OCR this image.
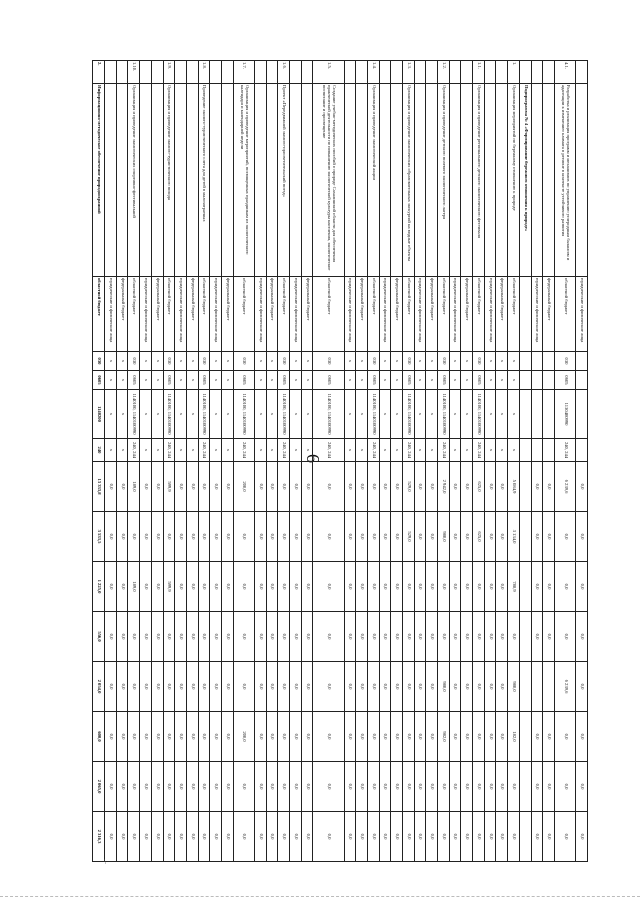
6
		юридические и физические лица					0,0	0,0	0,0	0,0	0,0	0,0	0,0	0,0
4.1.	Разработка и реализация программ и механизмов по управлению углеродным балансом и адаптации к изменению климата в регионе в контексте устойчивого развития	областной бюджет	030	0605	1130400990	240, 244	6 239,6	0,0	0,0	0,0	6 239,6	0,0	0,0	0,0
		федеральный бюджет					0,0	0,0	0,0	0,0		0,0	0,0	0,0
		юридические и физические лица					0,0	0,0	0,0	0,0		0,0	0,0	0,0
	Подпрограмма № 4 «Формирование бережного отношения к природе»													
1.	Организация мероприятий по бережному отношению к природе	областной бюджет	х	х	х	х	5 084,9	3 134,0	788,9	0,0	980,0	182,0	0,0	0,0
		федеральный бюджет	х	х	х	х	0,0	0,0	0,0	0,0	0,0	0,0	0,0	0,0
		юридические и физические лица	х	х	х	х	0,0	0,0	0,0	0,0	0,0	0,0	0,0	0,0
1.1.	Организация и проведение регионального детского экологического фестиваля	областной бюджет	030	0605	1140100, 1140100990	240, 244	625,0	625,0	0,0	0,0	0,0	0,0	0,0	0,0
		федеральный бюджет	х	х	х	х	0,0	0,0	0,0	0,0	0,0	0,0	0,0	0,0
		юридические и физические лица	х	х	х	х	0,0	0,0	0,0	0,0	0,0	0,0	0,0	0,0
1.2.	Организация и проведение детского полевого экологического лагеря	областной бюджет	030	0605	1140100, 1140100990	240, 244	2 942,0	980,0	0,0	0,0	980,0	982,0	0,0	0,0
		федеральный бюджет	х	х	х	х	0,0	0,0	0,0	0,0	0,0	0,0	0,0	0,0
		юридические и физические лица	х	х	х	х	0,0	0,0	0,0	0,0	0,0	0,0	0,0	0,0
1.3.	Организация и проведение экологических образовательных экскурсий на водные объекты	областной бюджет	030	0605	1140100, 1140100990	240, 244	529,0	529,0	0,0	0,0	0,0	0,0	0,0	0,0
		федеральный бюджет	х	х	х	х	0,0	0,0	0,0	0,0	0,0	0,0	0,0	0,0
		юридические и физические лица	х	х	х	х	0,0	0,0	0,0	0,0	0,0	0,0	0,0	0,0
1.4.	Организация и проведение экологической акции	областной бюджет	030	0605	1140100, 1140100990	240, 244	0,0	0,0	0,0	0,0	0,0	0,0	0,0	0,0
		федеральный бюджет	х	х	х	х	0,0	0,0	0,0	0,0	0,0	0,0	0,0	0,0
		юридические и физические лица	х	х	х	х	0,0	0,0	0,0	0,0	0,0	0,0	0,0	0,0
1.5.	Создание учебно-методических пособий о природе Сахалинской области для обеспечения практической деятельности по повышению экологической культуры населения, экологическое воспитание и просвещение	областной бюджет	030	0605	1140100, 1140100990	240, 244	0,0	0,0	0,0	0,0	0,0	0,0	0,0	0,0
		федеральный бюджет	х	х	х	х	0,0	0,0	0,0	0,0	0,0	0,0	0,0	0,0
		юридические и физические лица	х	х	х	х	0,0	0,0	0,0	0,0	0,0	0,0	0,0	0,0
1.6.	Проект «Передвижной эколого-просветительский поезд»	областной бюджет	030	0605	1140100, 1140100990	240, 244	0,0	0,0	0,0	0,0	0,0	0,0	0,0	0,0
		федеральный бюджет	х	х	х	х	0,0	0,0	0,0	0,0	0,0	0,0	0,0	0,0
		юридические и физические лица	х	х	х	х	0,0	0,0	0,0	0,0	0,0	0,0	0,0	0,0
1.7.	Организация и проведение мероприятий, посвященных праздникам из экологического календаря и календарной недели	областной бюджет	030	0605	1140100, 1140100990	240, 244	200,0	0,0	0,0	0,0	0,0	200,0	0,0	0,0
		федеральный бюджет	х	х	х	х	0,0	0,0	0,0	0,0	0,0	0,0	0,0	0,0
		юридические и физические лица	х	х	х	х	0,0	0,0	0,0	0,0	0,0	0,0	0,0	0,0
1.8.	Проведение эколого-туристического слета для детей в малозатратных	областной бюджет	030	0605	1140100, 1140100990	240, 244	0,0	0,0	0,0	0,0	0,0	0,0	0,0	0,0
		федеральный бюджет	х	х	х	х	0,0	0,0	0,0	0,0	0,0	0,0	0,0	0,0
		юридические и физические лица	х	х	х	х	0,0	0,0	0,0	0,0	0,0	0,0	0,0	0,0
1.9.	Организация и проведение эколого-туристического похода	областной бюджет	030	0605	1140100, 1140100990	240, 244	599,9	0,0	599,9	0,0	0,0	0,0	0,0	0,0
		федеральный бюджет	х	х	х	х	0,0	0,0	0,0	0,0	0,0	0,0	0,0	0,0
		юридические и физические лица	х	х	х	х	0,0	0,0	0,0	0,0	0,0	0,0	0,0	0,0
1.10.	Организация и проведение экологических спортивно-фестивальной	областной бюджет	030	0605	1140100, 1140100990	240, 244	189,0	0,0	189,0	0,0	0,0	0,0	0,0	0,0
		федеральный бюджет	х	х	х	х	0,0	0,0	0,0	0,0	0,0	0,0	0,0	0,0
		юридические и физические лица	х	х	х	х	0,0	0,0	0,0	0,0	0,0	0,0	0,0	0,0
2.	Информационно-методическое обеспечение природоохранной	областной бюджет	030	0605	1140200	240	13 333,8	3 533,5	1 225,0	556,0	2 054,0	600,0	2 065,0	2 316,3
\
